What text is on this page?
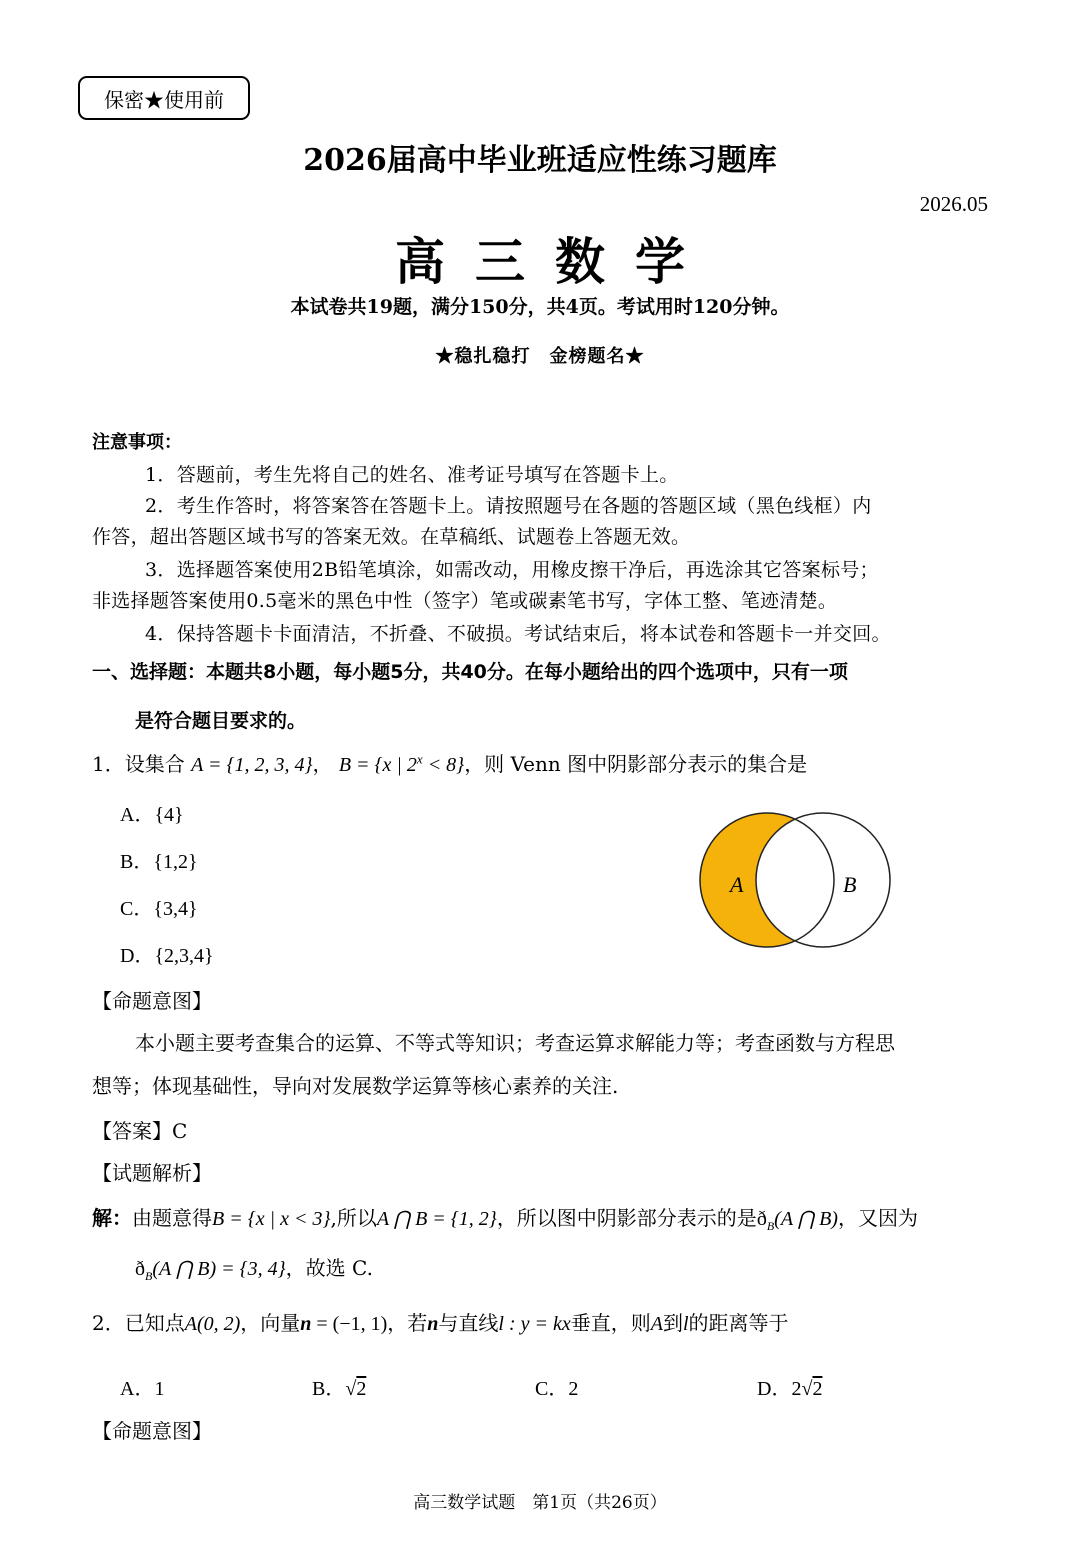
保密★使用前
2026届高中毕业班适应性练习题库
2026.05
高三数学
本试卷共19题，满分150分，共4页。考试用时120分钟。
★稳扎稳打　金榜题名★
注意事项：
1．答题前，考生先将自己的姓名、准考证号填写在答题卡上。
2．考生作答时，将答案答在答题卡上。请按照题号在各题的答题区域（黑色线框）内
作答，超出答题区域书写的答案无效。在草稿纸、试题卷上答题无效。
3．选择题答案使用2B铅笔填涂，如需改动，用橡皮擦干净后，再选涂其它答案标号；
非选择题答案使用0.5毫米的黑色中性（签字）笔或碳素笔书写，字体工整、笔迹清楚。
4．保持答题卡卡面清洁，不折叠、不破损。考试结束后，将本试卷和答题卡一并交回。
一、选择题：本题共8小题，每小题5分，共40分。在每小题给出的四个选项中，只有一项
是符合题目要求的。
1．设集合 A = {1, 2, 3, 4}， B = {x | $2^x < 8$}，则 Venn 图中阴影部分表示的集合是
A．{4}
B．{1,2}
C．{3,4}
D．{2,3,4}
A	B
【命题意图】
本小题主要考查集合的运算、不等式等知识；考查运算求解能力等；考查函数与方程思
想等；体现基础性，导向对发展数学运算等核心素养的关注.
【答案】C
【试题解析】
解：由题意得B = {x | x < 3},所以A ⋂ B = {1, 2}，所以图中阴影部分表示的是$ð_B(A$ ⋂ B)，又因为
$ð_B(A$ ⋂ B) = {3, 4}，故选 C.
2．已知点A(0, 2)，向量n = (−1, 1)，若n与直线l : y = kx垂直，则A到l的距离等于
A．1	B．√2	C．2	D．2√2
【命题意图】
高三数学试题　第1页（共26页）
